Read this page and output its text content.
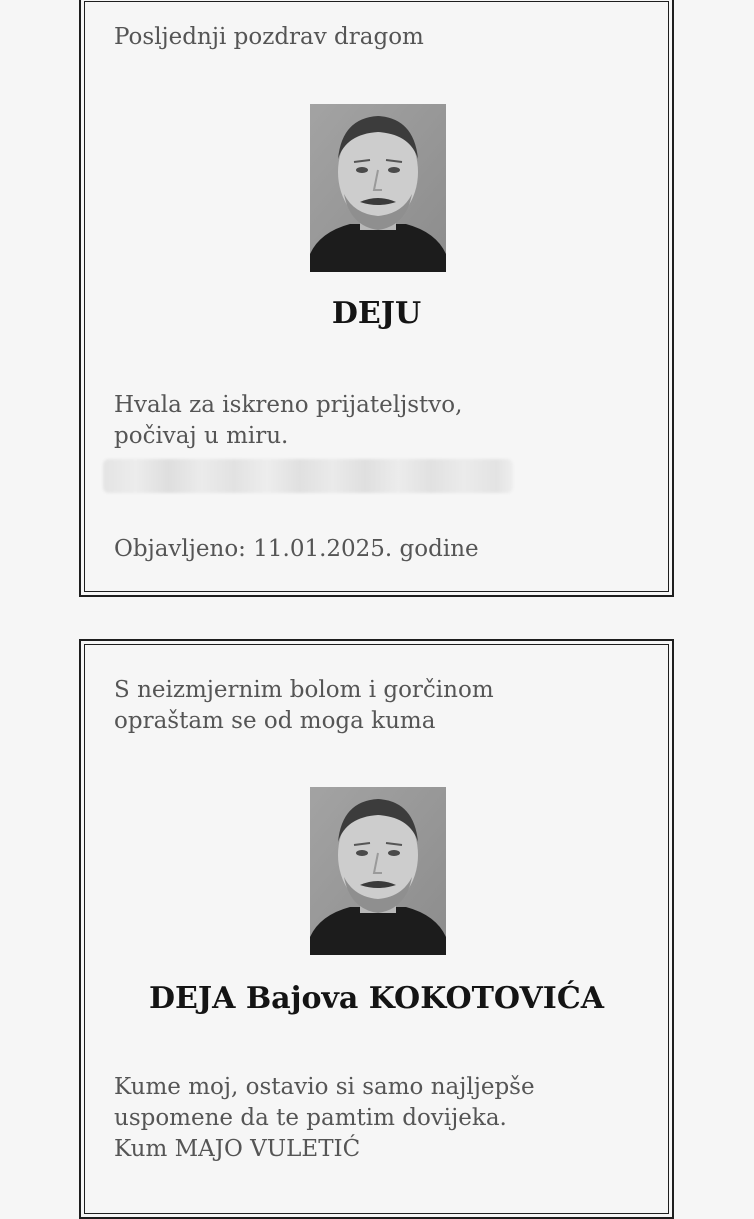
Posljednji pozdrav dragom

DEJU

Hvala za iskreno prijateljstvo,
počivaj u miru.

Objavljeno: 11.01.2025. godine

S neizmjernim bolom i gorčinom
opraštam se od moga kuma

DEJA Bajova KOKOTOVIĆA

Kume moj, ostavio si samo najljepše
uspomene da te pamtim dovijeka.
Kum MAJO VULETIĆ
